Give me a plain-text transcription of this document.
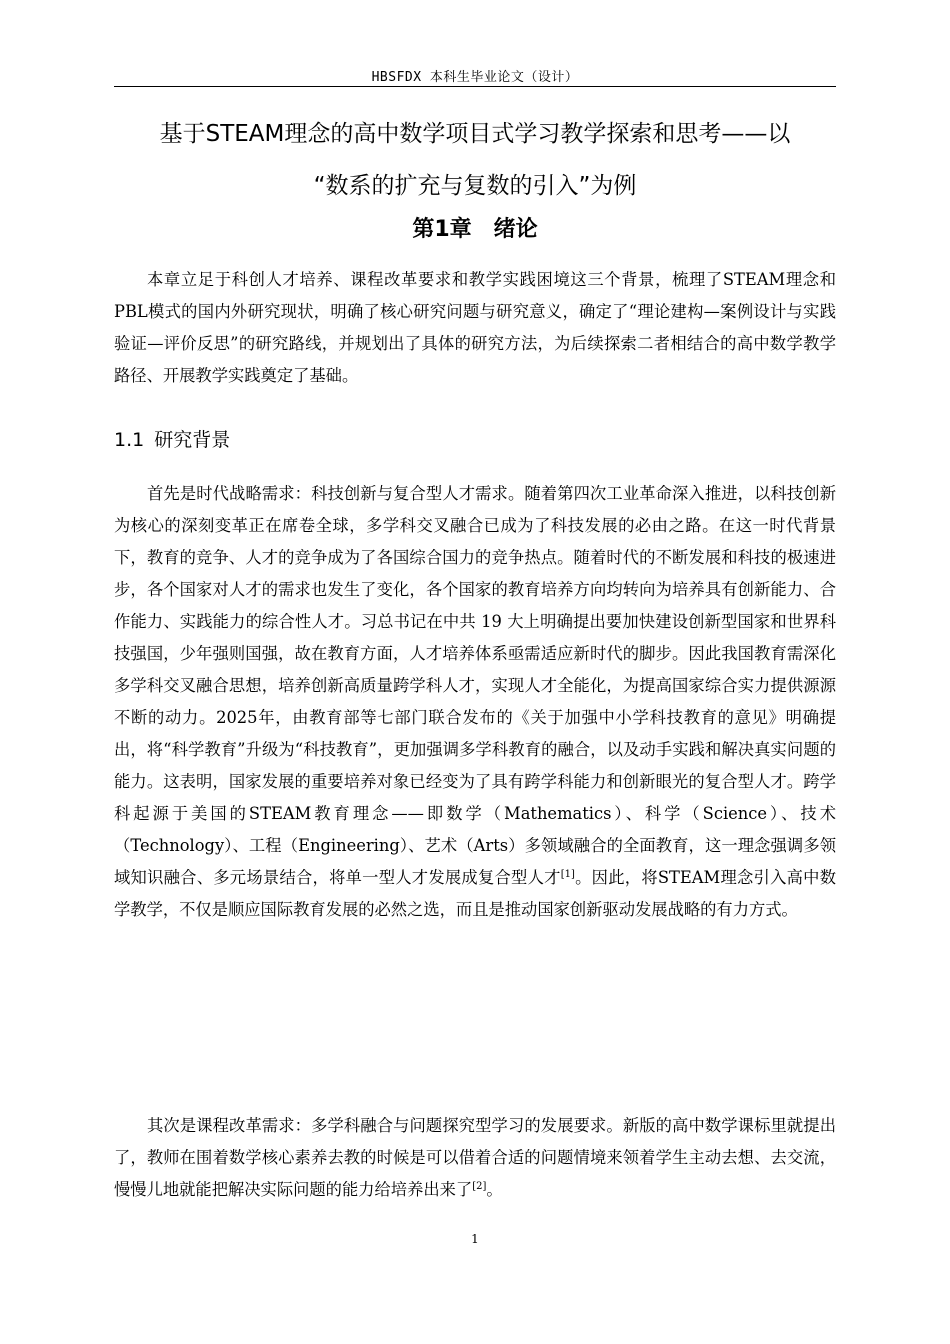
HBSFDX 本科生毕业论文（设计）
基于STEAM理念的高中数学项目式学习教学探索和思考——以
“数系的扩充与复数的引入”为例
第1章　绪论

本章立足于科创人才培养、课程改革要求和教学实践困境这三个背景，梳理了STEAM理念和PBL模式的国内外研究现状，明确了核心研究问题与研究意义，确定了“理论建构—案例设计与实践验证—评价反思”的研究路线，并规划出了具体的研究方法，为后续探索二者相结合的高中数学教学路径、开展教学实践奠定了基础。

1.1 研究背景

首先是时代战略需求：科技创新与复合型人才需求。随着第四次工业革命深入推进，以科技创新为核心的深刻变革正在席卷全球，多学科交叉融合已成为了科技发展的必由之路。在这一时代背景下，教育的竞争、人才的竞争成为了各国综合国力的竞争热点。随着时代的不断发展和科技的极速进步，各个国家对人才的需求也发生了变化，各个国家的教育培养方向均转向为培养具有创新能力、合作能力、实践能力的综合性人才。习总书记在中共 19 大上明确提出要加快建设创新型国家和世界科技强国，少年强则国强，故在教育方面，人才培养体系亟需适应新时代的脚步。因此我国教育需深化多学科交叉融合思想，培养创新高质量跨学科人才，实现人才全能化，为提高国家综合实力提供源源不断的动力。2025年，由教育部等七部门联合发布的《关于加强中小学科技教育的意见》明确提出，将“科学教育”升级为“科技教育”，更加强调多学科教育的融合，以及动手实践和解决真实问题的能力。这表明，国家发展的重要培养对象已经变为了具有跨学科能力和创新眼光的复合型人才。跨学科起源于美国的STEAM教育理念——即数学（Mathematics）、科学（Science）、技术（Technology）、工程（Engineering）、艺术（Arts）多领域融合的全面教育，这一理念强调多领域知识融合、多元场景结合，将单一型人才发展成复合型人才[1]。因此，将STEAM理念引入高中数学教学，不仅是顺应国际教育发展的必然之选，而且是推动国家创新驱动发展战略的有力方式。

其次是课程改革需求：多学科融合与问题探究型学习的发展要求。新版的高中数学课标里就提出了，教师在围着数学核心素养去教的时候是可以借着合适的问题情境来领着学生主动去想、去交流，慢慢儿地就能把解决实际问题的能力给培养出来了[2]。

1
